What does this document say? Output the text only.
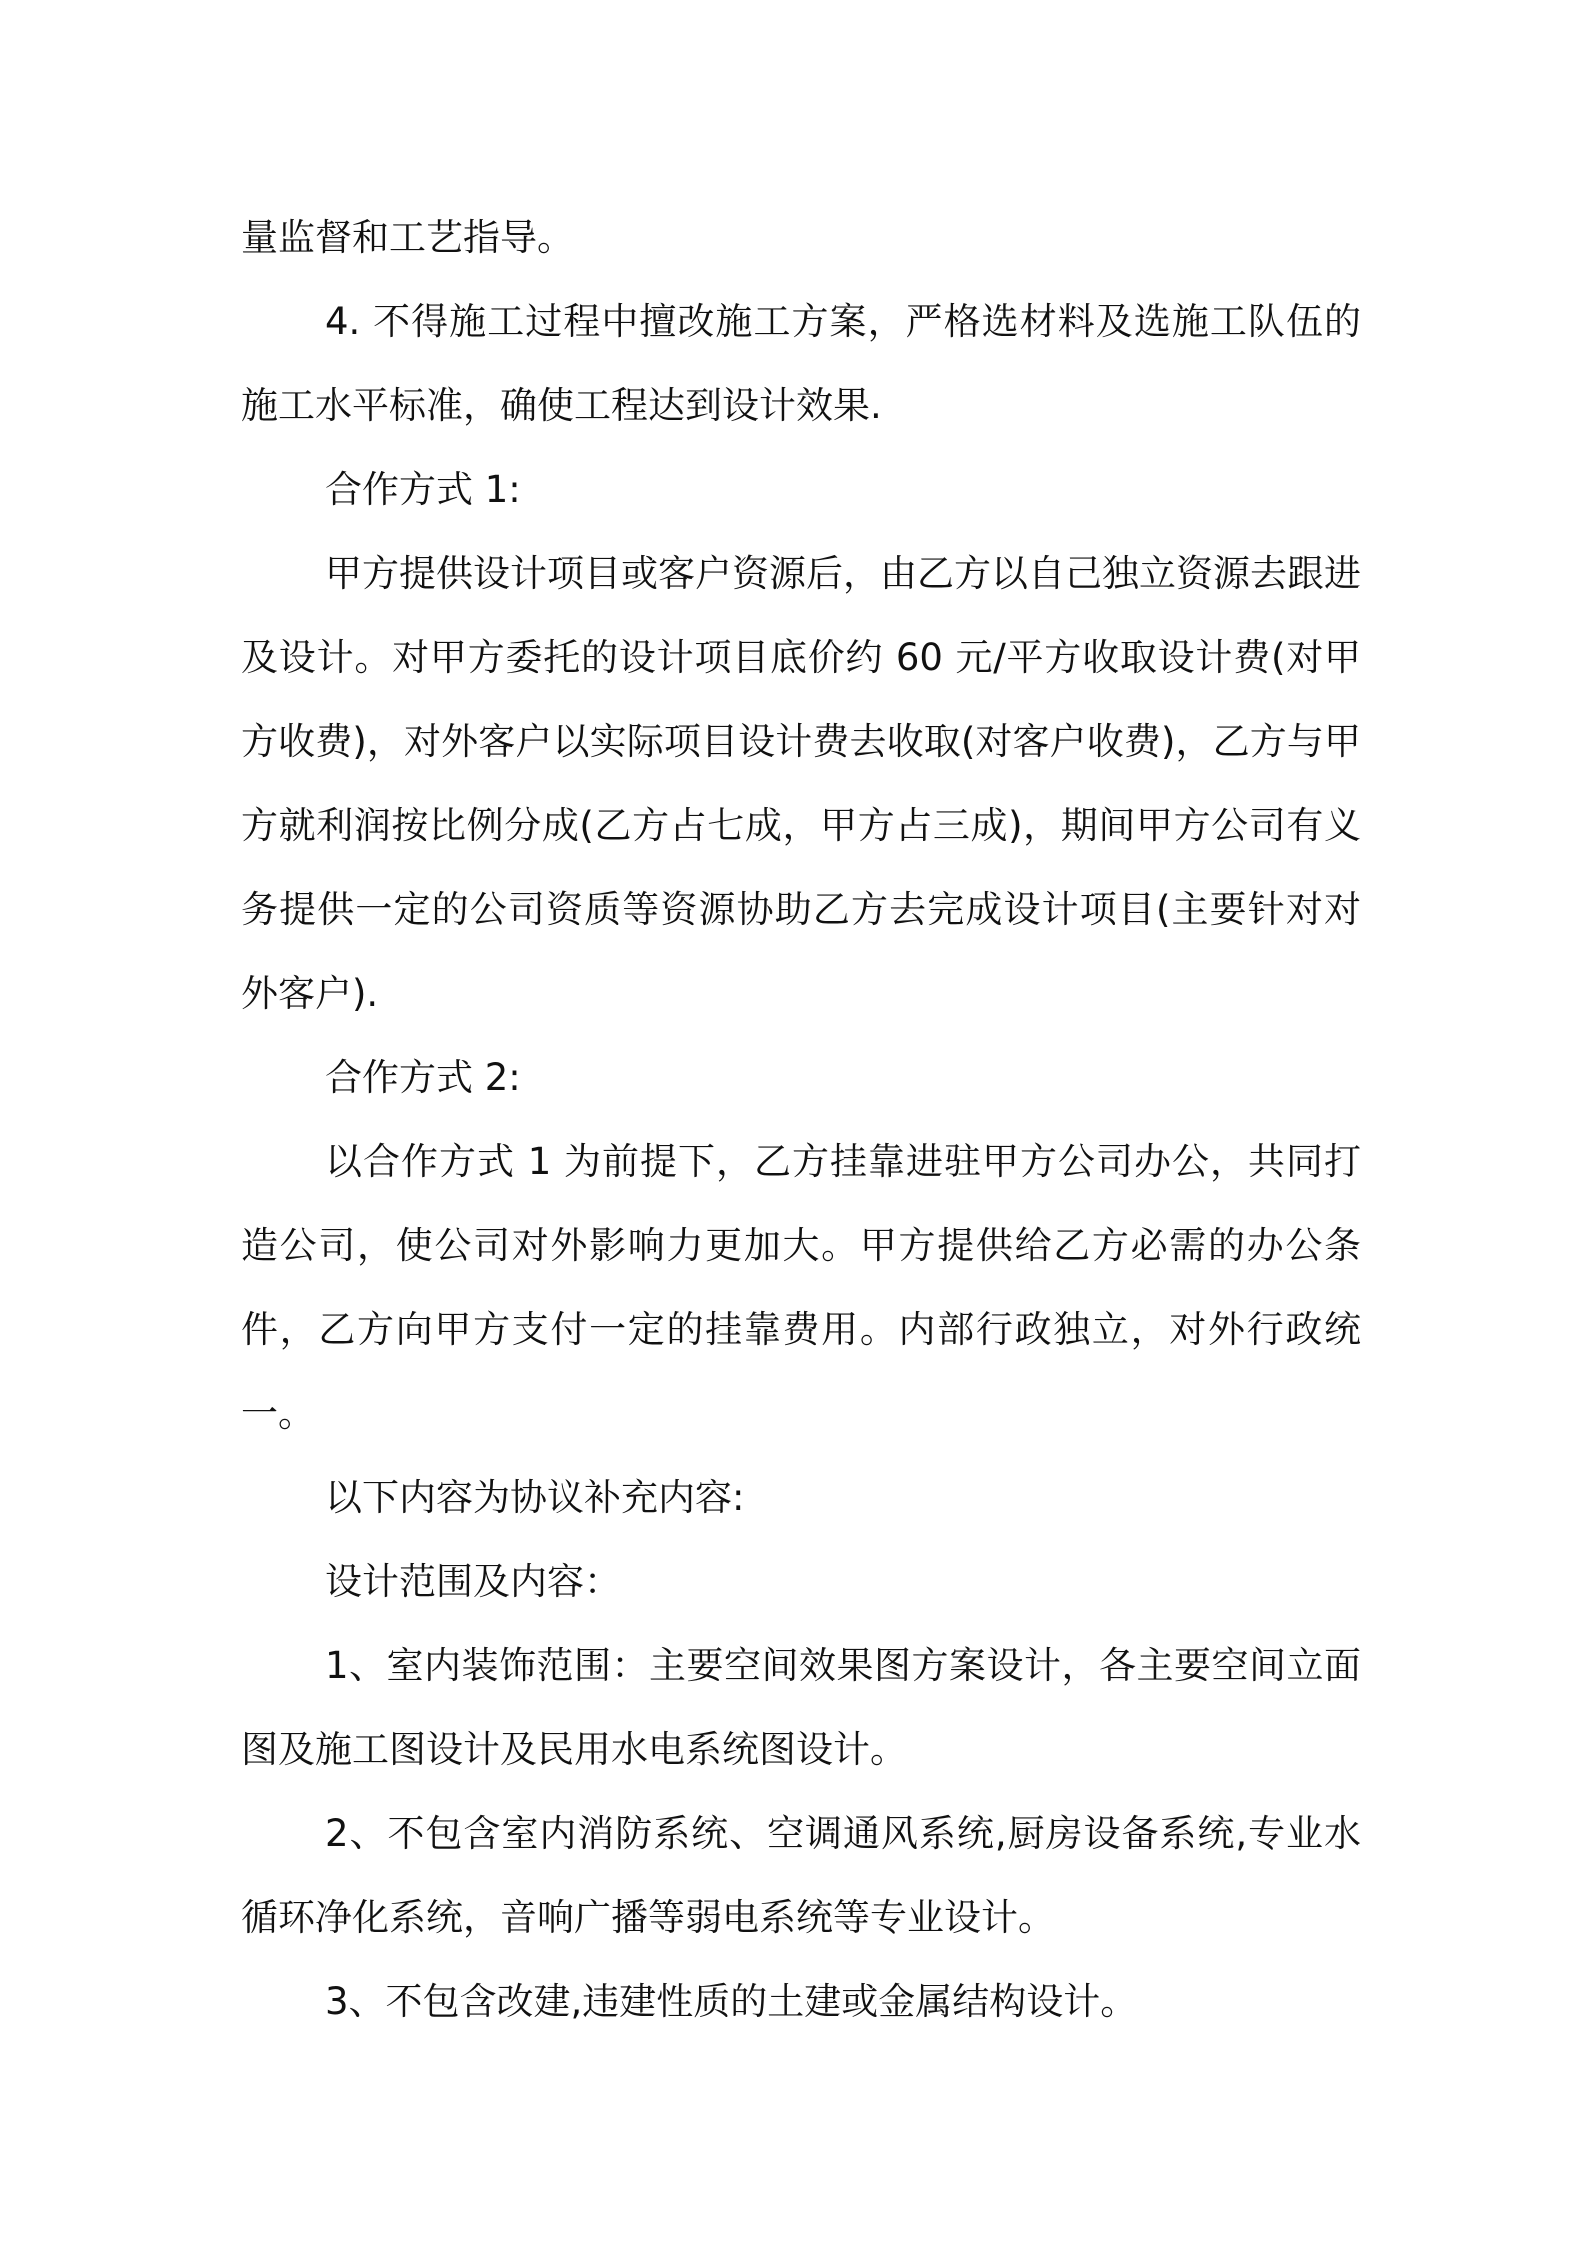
量监督和工艺指导。

4. 不得施工过程中擅改施工方案，严格选材料及选施工队伍的施工水平标准，确使工程达到设计效果.

合作方式 1:

甲方提供设计项目或客户资源后，由乙方以自己独立资源去跟进及设计。对甲方委托的设计项目底价约 60 元/平方收取设计费(对甲方收费)，对外客户以实际项目设计费去收取(对客户收费)，乙方与甲方就利润按比例分成(乙方占七成，甲方占三成)，期间甲方公司有义务提供一定的公司资质等资源协助乙方去完成设计项目(主要针对对外客户).

合作方式 2:

以合作方式 1 为前提下，乙方挂靠进驻甲方公司办公，共同打造公司，使公司对外影响力更加大。甲方提供给乙方必需的办公条件，乙方向甲方支付一定的挂靠费用。内部行政独立，对外行政统一。

以下内容为协议补充内容:

设计范围及内容：

1、室内装饰范围：主要空间效果图方案设计，各主要空间立面图及施工图设计及民用水电系统图设计。

2、不包含室内消防系统、空调通风系统,厨房设备系统,专业水循环净化系统，音响广播等弱电系统等专业设计。

3、不包含改建,违建性质的土建或金属结构设计。
